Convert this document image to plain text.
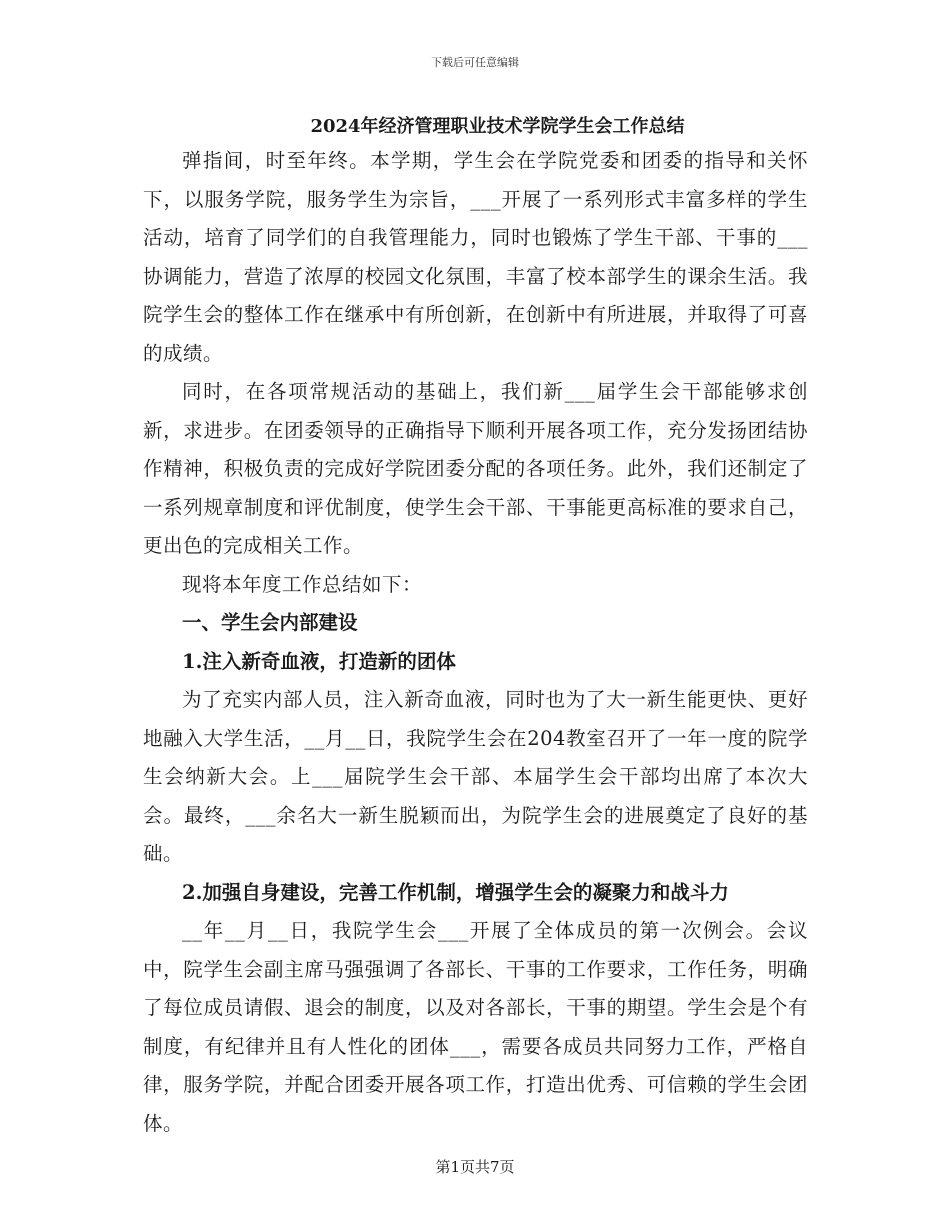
下载后可任意编辑
2024年经济管理职业技术学院学生会工作总结

弹指间，时至年终。本学期，学生会在学院党委和团委的指导和关怀下，以服务学院，服务学生为宗旨，___开展了一系列形式丰富多样的学生活动，培育了同学们的自我管理能力，同时也锻炼了学生干部、干事的___协调能力，营造了浓厚的校园文化氛围，丰富了校本部学生的课余生活。我院学生会的整体工作在继承中有所创新，在创新中有所进展，并取得了可喜的成绩。

同时，在各项常规活动的基础上，我们新___届学生会干部能够求创新，求进步。在团委领导的正确指导下顺利开展各项工作，充分发扬团结协作精神，积极负责的完成好学院团委分配的各项任务。此外，我们还制定了一系列规章制度和评优制度，使学生会干部、干事能更高标准的要求自己，更出色的完成相关工作。

现将本年度工作总结如下：

一、学生会内部建设
1.注入新奇血液，打造新的团体

为了充实内部人员，注入新奇血液，同时也为了大一新生能更快、更好地融入大学生活，__月__日，我院学生会在204教室召开了一年一度的院学生会纳新大会。上___届院学生会干部、本届学生会干部均出席了本次大会。最终，___余名大一新生脱颖而出，为院学生会的进展奠定了良好的基础。

2.加强自身建设，完善工作机制，增强学生会的凝聚力和战斗力

__年__月__日，我院学生会___开展了全体成员的第一次例会。会议中，院学生会副主席马强强调了各部长、干事的工作要求，工作任务，明确了每位成员请假、退会的制度，以及对各部长，干事的期望。学生会是个有制度，有纪律并且有人性化的团体___，需要各成员共同努力工作，严格自律，服务学院，并配合团委开展各项工作，打造出优秀、可信赖的学生会团体。

第1页共7页
